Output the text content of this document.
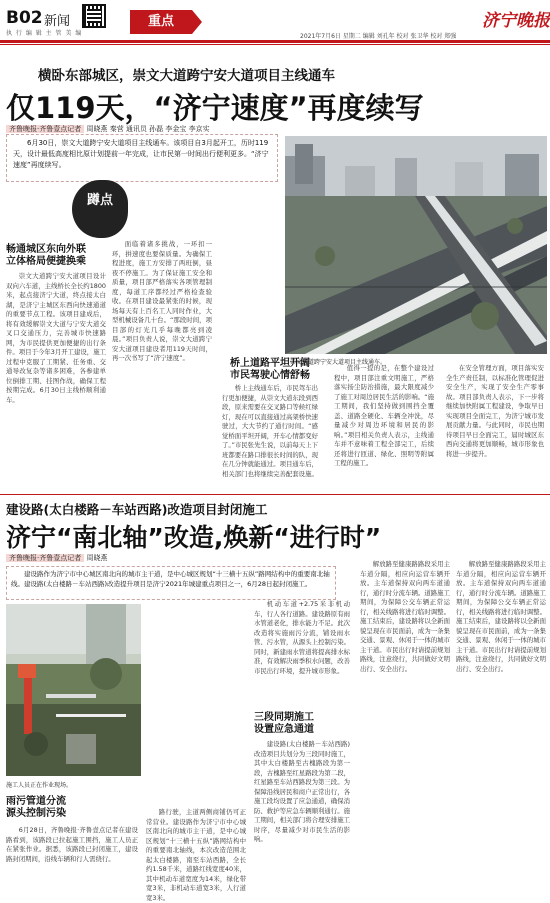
B02 新闻
执 行 编 辑 主 管 美 编
重点	济宁晚报
2021年7月6日 星期二 编辑 刘孔年 校对 张卫华 校对 郑强
横卧东部城区，崇文大道跨宁安大道项目主线通车
仅119天，“济宁速度”再度续写
齐鲁晚报·齐鲁壹点记者 周晓燕 秦营 通讯员 孙磊 李金宝 李京实

6月30日，崇文大道跨宁安大道项目主线通车。该项目自3月起开工，历时119天，设计最低高度相比原计划提前一年完成，让市民第一时间出行便利更多。“济宁速度”再度续写。

蹲点
崇文大道跨宁安大道项目主线通车。
畅通城区东向外联
立体格局便捷换乘
崇文大道跨宁安大道项目设计双向六车道，主线桥长全长约1800米，起点接济宁大道，终点接太白湖，是济宁主城区东西向快速通道的重要节点工程。该项目建成后，将有效缓解崇文大道与宁安大道交叉口交通压力，完善城市快速路网，为市民提供更加便捷的出行条件。项目于今年3月开工建设，施工过程中克服了工期紧、任务重、交通导改复杂等诸多困难，各参建单位倒排工期、挂图作战，确保工程按期完成。6月30日主线桥顺利通车。
面临着诸多挑战，一环扣一环，拼速度也要保质量。为确保工程进度，施工方安排了两班倒，昼夜不停施工。为了保证施工安全和质量，项目部严格落实各项管理制度，每道工序都经过严格检查验收。在项目建设最紧张的时候，现场每天有上百名工人同时作业，大型机械设备几十台。“那段时间，项目部的灯光几乎每晚都亮到凌晨。”项目负责人说，崇文大道跨宁安大道项目建设者用119天时间，再一次书写了“济宁速度”。	桥上道路平坦开阔
市民驾驶心情舒畅
桥上主线通车后，市民驾车出行更加便捷，从崇文大道东段到西段，原来需要在交叉路口等候红绿灯，现在可以直接通过高架桥快速驶过，大大节约了通行时间。“感觉桥面平坦开阔，开车心情都变好了。”市民张先生说，以前每天上下班都要在路口排很长时间的队，现在几分钟就能通过。项目通车后，相关部门也将继续完善配套设施。
值得一提的是，在整个建设过程中，项目部注重文明施工，严格落实扬尘防治措施，最大限度减少了施工对周边居民生活的影响。“施工期间，我们坚持做到围挡全覆盖、道路全硬化、车辆全冲洗，尽量减少对周边环境和居民的影响。”项目相关负责人表示，主线通车并不意味着工程全部完工，后续还将进行匝道、绿化、照明等附属工程的施工。
在安全管理方面，项目落实安全生产责任制，以标准化管理促进安全生产，实现了安全生产零事故。项目部负责人表示，下一步将继续加快附属工程建设，争取早日实现项目全面完工，为济宁城市发展贡献力量。与此同时，市民也期待项目早日全面完工，届时城区东西向交通将更加顺畅，城市形象也将进一步提升。
建设路(太白楼路－车站西路)改造项目封闭施工
济宁“南北轴”改造,焕新“进行时”
齐鲁晚报·齐鲁壹点记者 周晓燕

建设路作为济宁市中心城区南北向的城市主干道，是中心城区规划“十三横十五纵”路网结构中的重要南北轴线。建设路(太白楼路－车站西路)改造提升项目是济宁2021年城建重点项目之一，6月28日起封闭施工。

施工人员正在作业现场。
雨污管道分流
源头控制污染
6月28日，齐鲁晚报·齐鲁壹点记者在建设路看到，该路段已拉起施工围挡，施工人员正在紧张作业。据悉，该路段已封闭施工，建设路封闭期间，沿线车辆和行人需绕行。
路行驶，主道两侧商铺仍可正常营业。建设路作为济宁市中心城区南北向的城市主干道，是中心城区规划“十三横十五纵”路网结构中的重要南北轴线，本次改造范围北起太白楼路，南至车站西路，全长约1.58千米，道路红线宽度40米，其中机动车道宽度为14米，绿化带宽3米，非机动车道宽3米，人行道宽3米。
机动车道+2.75米非机动车，行人各行道路。建设路原有雨水管道老化，排水能力不足。此次改造将实施雨污分流，铺设雨水管、污水管，从源头上控制污染。同时，新建雨水管道将提高排水标准，有效解决雨季积水问题，改善市民出行环境，提升城市形象。
三段同期施工
设置应急通道
建设路(太白楼路－车站西路)改造项目共划分为三段同时施工，其中太白楼路至古槐路段为第一段，古槐路至红星路段为第二段，红星路至车站西路段为第三段。为保障沿线居民和商户正常出行，各施工段均设置了应急通道，确保消防、救护等应急车辆顺利通行。施工期间，相关部门将合理安排施工时序，尽量减少对市民生活的影响。
解放路至健康路路段采用主车道分隔，相应向运营车辆开放。主车道保持双向两车道通行，通行时分流车辆。道路施工期间，为保障公交车辆正常运行，相关线路将进行临时调整。施工结束后，建设路将以全新面貌呈现在市民面前，成为一条集交通、景观、休闲于一体的城市主干道。市民出行时请提前规划路线，注意绕行，共同做好文明出行、安全出行。
解放路至健康路路段采用主车道分隔，相应向运营车辆开放。主车道保持双向两车道通行，通行时分流车辆。道路施工期间，为保障公交车辆正常运行，相关线路将进行临时调整。施工结束后，建设路将以全新面貌呈现在市民面前，成为一条集交通、景观、休闲于一体的城市主干道。市民出行时请提前规划路线，注意绕行，共同做好文明出行、安全出行。
